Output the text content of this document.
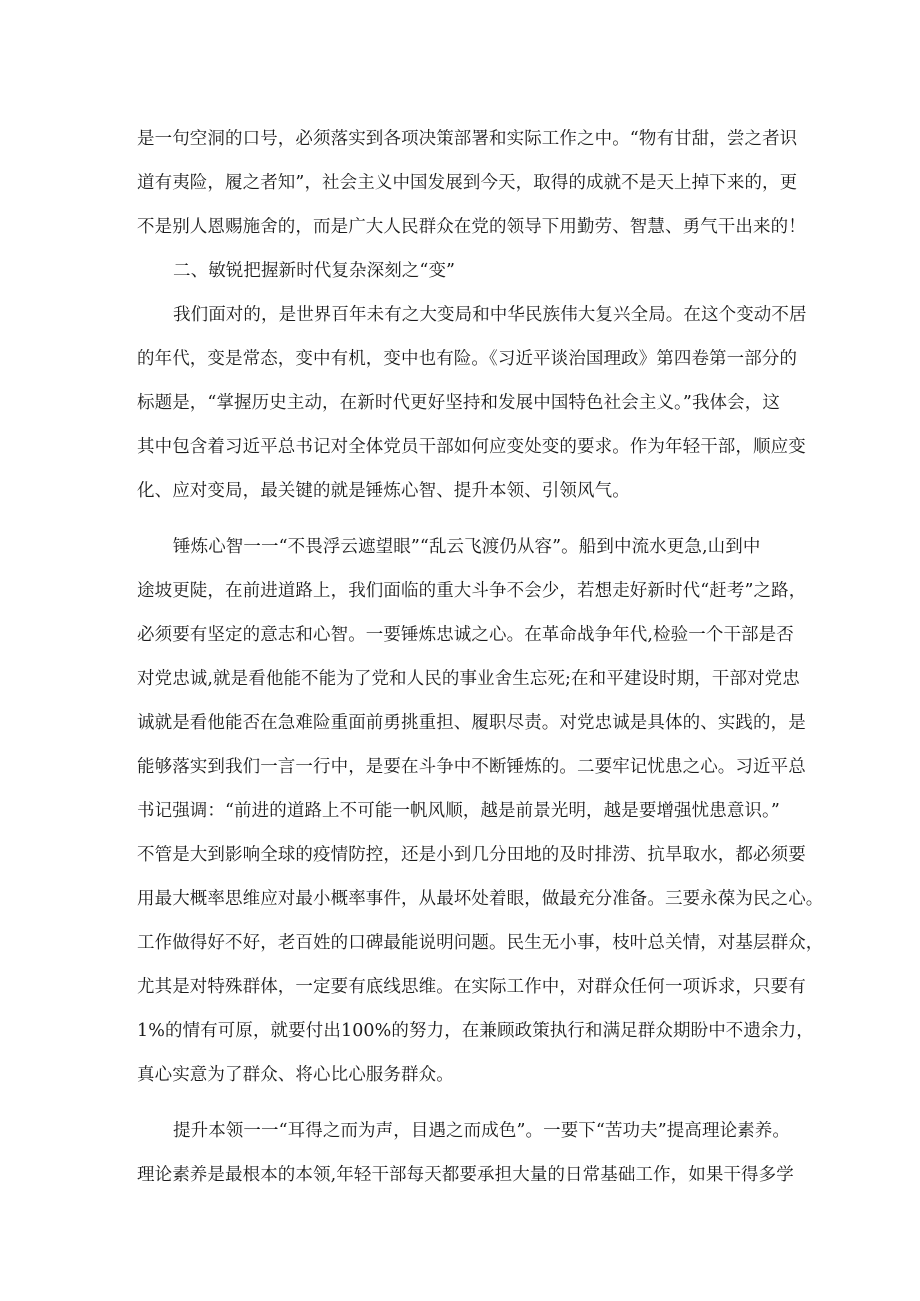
是一句空洞的口号，必须落实到各项决策部署和实际工作之中。“物有甘甜，尝之者识
道有夷险，履之者知”，社会主义中国发展到今天，取得的成就不是天上掉下来的，更
不是别人恩赐施舍的，而是广大人民群众在党的领导下用勤劳、智慧、勇气干出来的！
二、敏锐把握新时代复杂深刻之“变”
我们面对的，是世界百年未有之大变局和中华民族伟大复兴全局。在这个变动不居
的年代，变是常态，变中有机，变中也有险。《习近平谈治国理政》第四卷第一部分的
标题是，“掌握历史主动，在新时代更好坚持和发展中国特色社会主义。”我体会，这
其中包含着习近平总书记对全体党员干部如何应变处变的要求。作为年轻干部，顺应变
化、应对变局，最关键的就是锤炼心智、提升本领、引领风气。
锤炼心智一一“不畏浮云遮望眼”“乱云飞渡仍从容”。船到中流水更急,山到中
途坡更陡，在前进道路上，我们面临的重大斗争不会少，若想走好新时代“赶考”之路，
必须要有坚定的意志和心智。一要锤炼忠诚之心。在革命战争年代,检验一个干部是否
对党忠诚,就是看他能不能为了党和人民的事业舍生忘死;在和平建设时期，干部对党忠
诚就是看他能否在急难险重面前勇挑重担、履职尽责。对党忠诚是具体的、实践的，是
能够落实到我们一言一行中，是要在斗争中不断锤炼的。二要牢记忧患之心。习近平总
书记强调：“前进的道路上不可能一帆风顺，越是前景光明，越是要增强忧患意识。”
不管是大到影响全球的疫情防控，还是小到几分田地的及时排涝、抗旱取水，都必须要
用最大概率思维应对最小概率事件，从最坏处着眼，做最充分准备。三要永葆为民之心。
工作做得好不好，老百姓的口碑最能说明问题。民生无小事，枝叶总关情，对基层群众，
尤其是对特殊群体，一定要有底线思维。在实际工作中，对群众任何一项诉求，只要有
1%的情有可原，就要付出100%的努力，在兼顾政策执行和满足群众期盼中不遗余力，
真心实意为了群众、将心比心服务群众。
提升本领一一“耳得之而为声，目遇之而成色”。一要下“苦功夫”提高理论素养。
理论素养是最根本的本领,年轻干部每天都要承担大量的日常基础工作，如果干得多学
